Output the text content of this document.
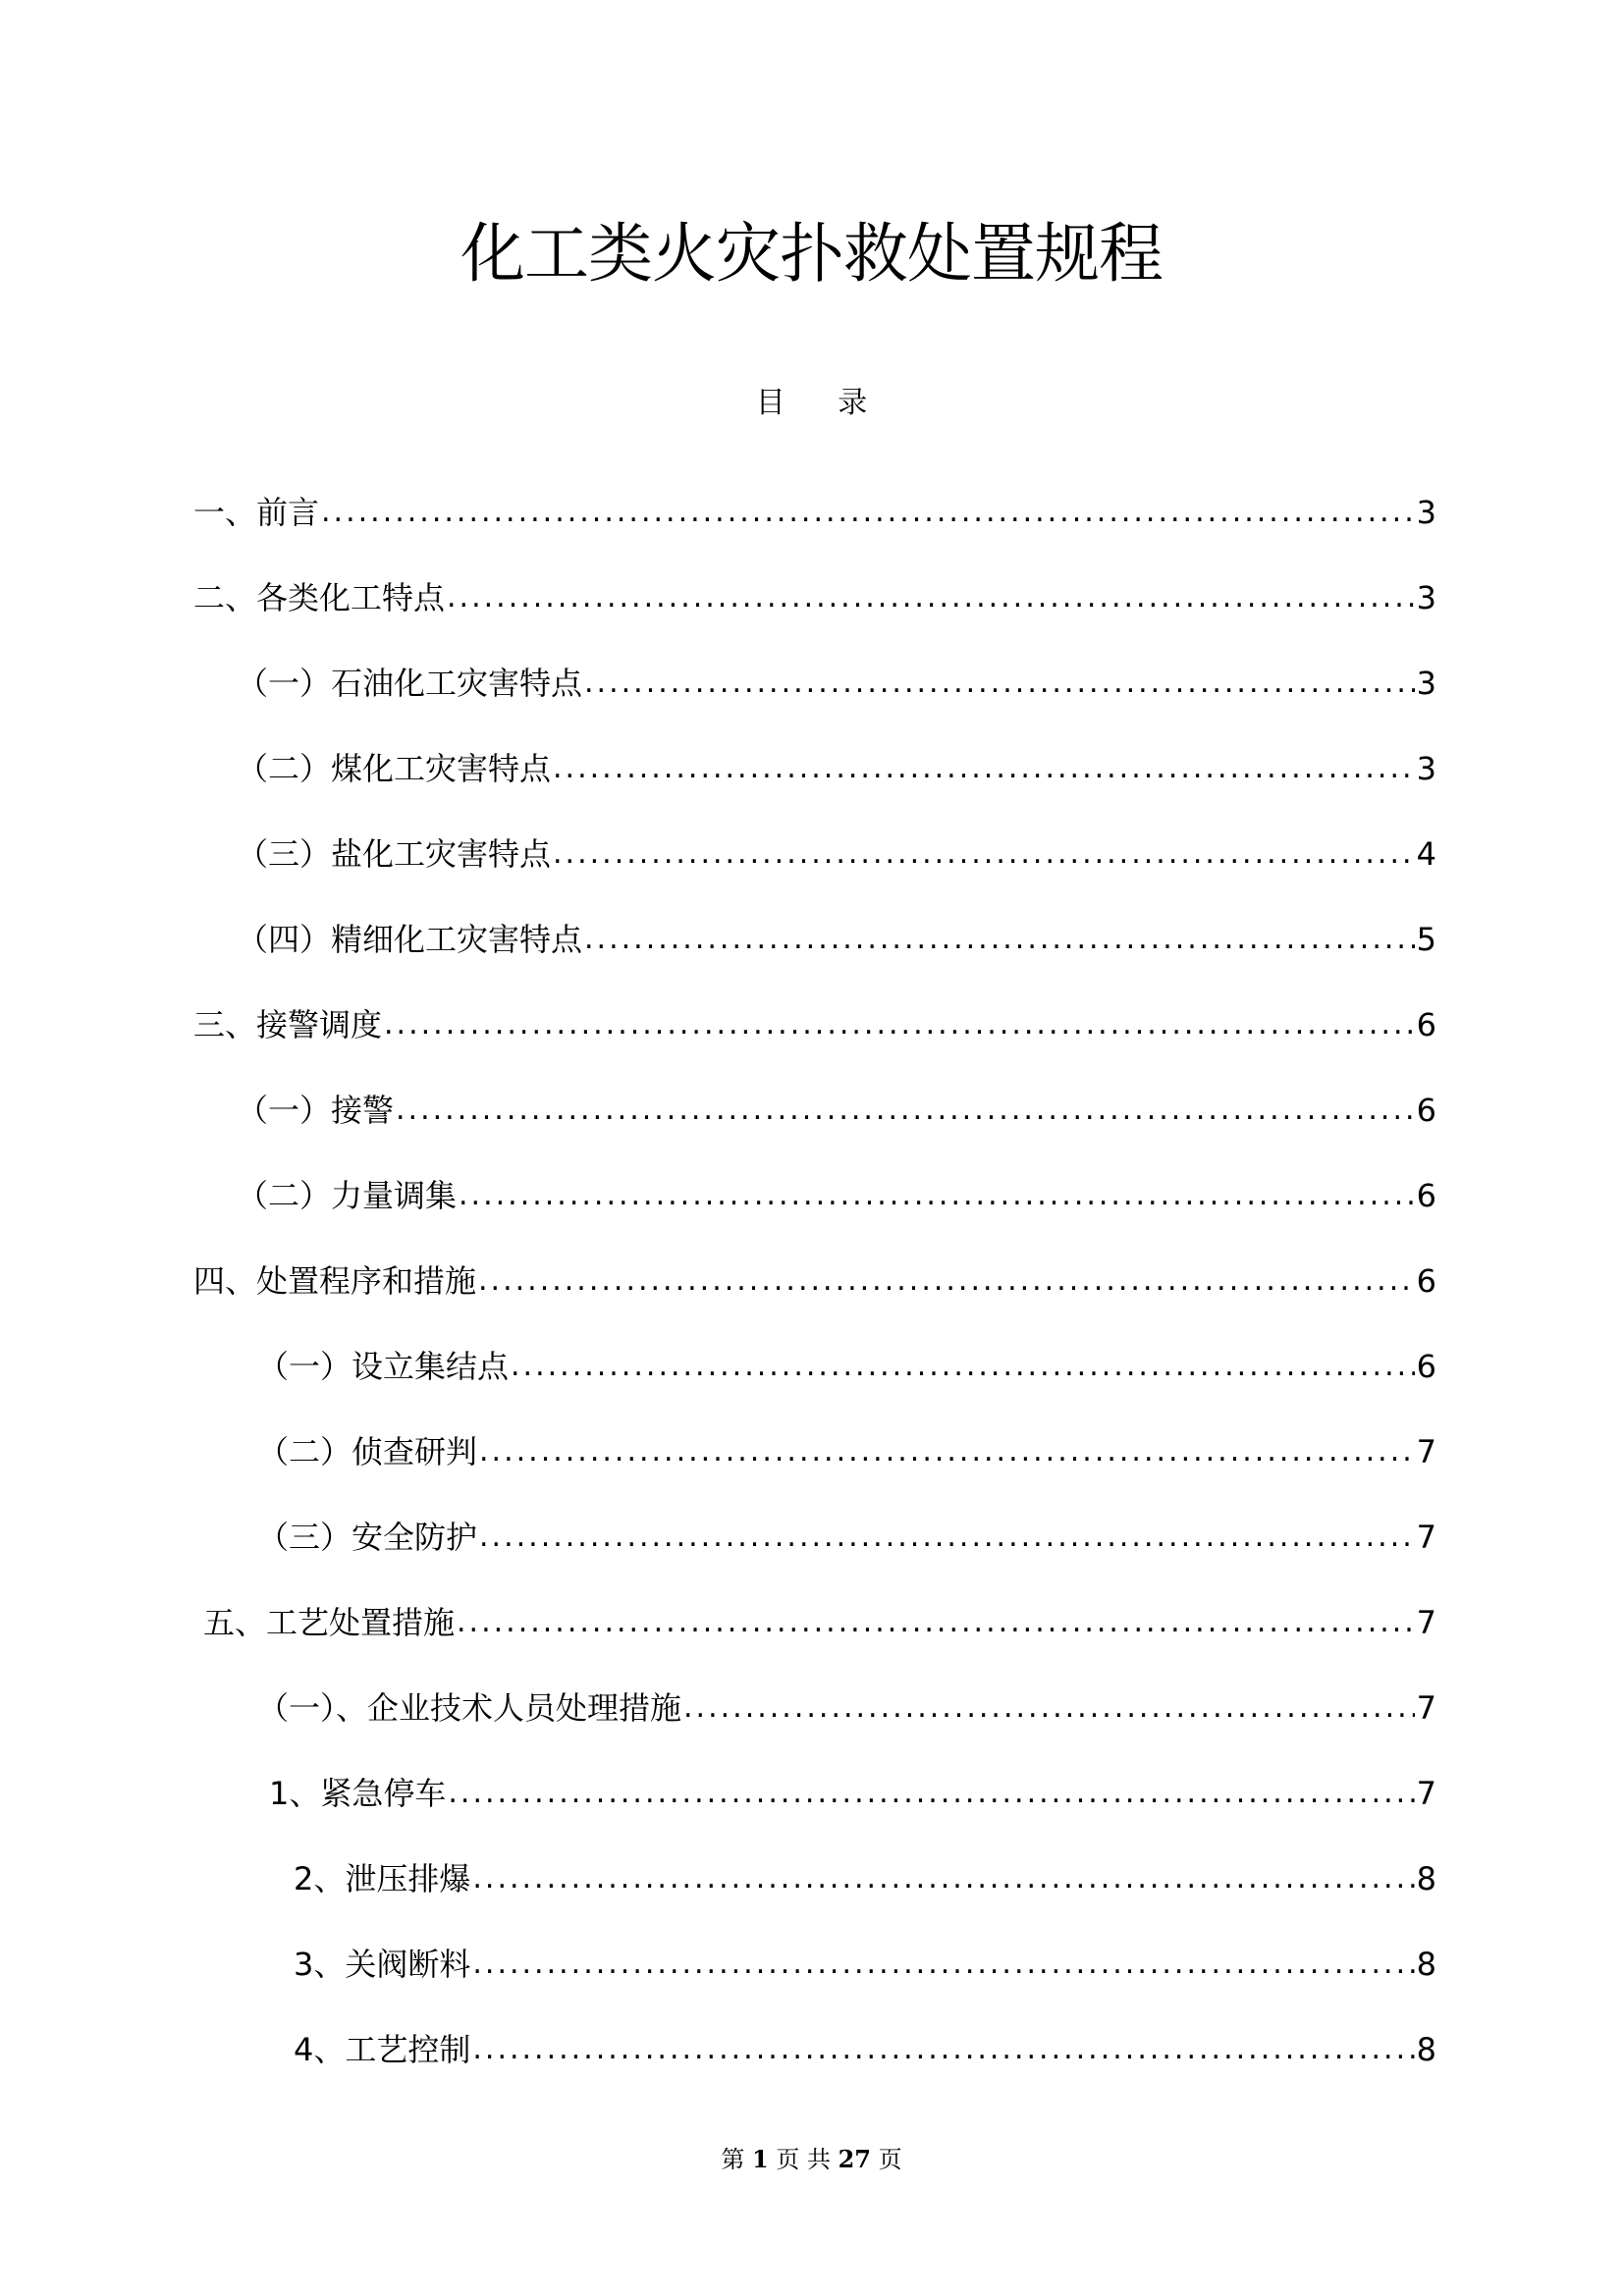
化工类火灾扑救处置规程
目 录
一、前言 .....	3
二、各类化工特点 .....	3
（一）石油化工灾害特点 .....	3
（二）煤化工灾害特点 .....	3
（三）盐化工灾害特点 .....	4
（四）精细化工灾害特点 .....	5
三、接警调度 .....	6
（一）接警 .....	6
（二）力量调集 .....	6
四、处置程序和措施 .....	6
（一）设立集结点 .....	6
（二）侦查研判 .....	7
（三）安全防护 .....	7
五、工艺处置措施 .....	7
（一）、企业技术人员处理措施 .....	7
1、紧急停车 .....	7
2、泄压排爆 .....	8
3、关阀断料 .....	8
4、工艺控制 .....	8
第 1 页 共 27 页
